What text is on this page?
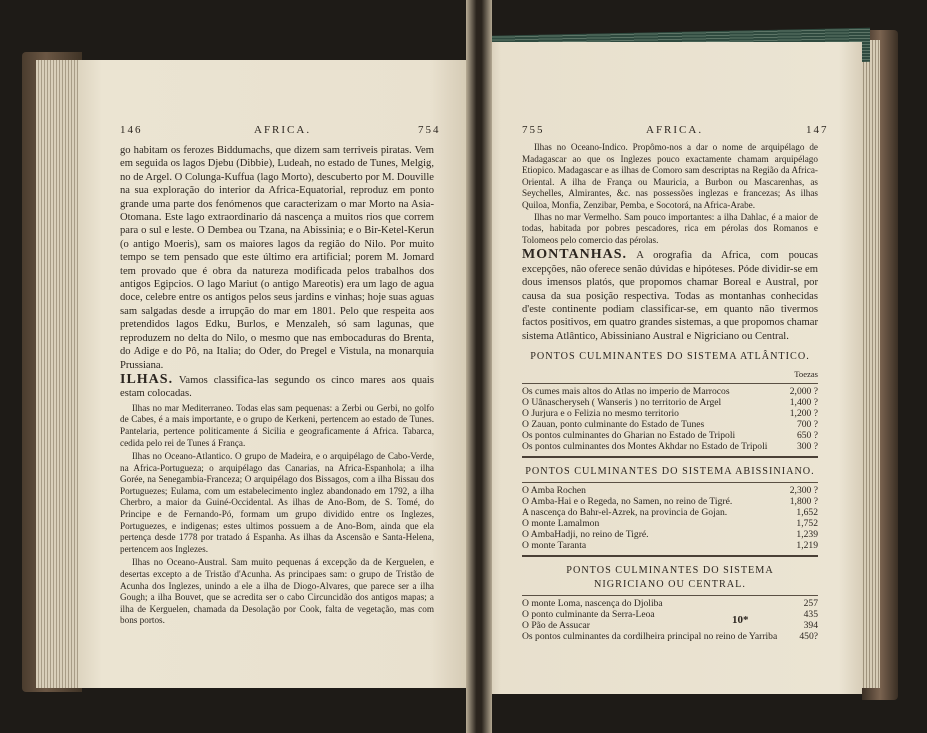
146	AFRICA.	754

go habitam os ferozes Biddumachs, que dizem sam terriveis piratas. Vem em seguida os lagos Djebu (Dibbie), Ludeah, no estado de Tunes, Melgig, no de Argel. O Colunga-Kuffua (lago Morto), descuberto por M. Douville na sua exploração do interior da Africa-Equatorial, reproduz em ponto grande uma parte dos fenómenos que caracterizam o mar Morto na Asia-Otomana. Este lago extraordinario dá nascença a muitos rios que correm para o sul e leste. O Dembea ou Tzana, na Abissinia; e o Bir-Ketel-Kerun (o antigo Moeris), sam os maiores lagos da região do Nilo. Por muito tempo se tem pensado que este último era artificial; porem M. Jomard tem provado que é obra da natureza modificada pelos trabalhos dos antigos Egipcios. O lago Mariut (o antigo Mareotis) era um lago de agua doce, celebre entre os antigos pelos seus jardins e vinhas; hoje suas aguas sam salgadas desde a irrupção do mar em 1801. Pelo que respeita aos pretendidos lagos Edku, Burlos, e Menzaleh, só sam lagunas, que reproduzem no delta do Nilo, o mesmo que nas embocaduras do Brenta, do Adige e do Pô, na Italia; do Oder, do Pregel e Vistula, na monarquia Prussiana.

ILHAS. Vamos classifica-las segundo os cinco mares aos quais estam colocadas.

Ilhas no mar Mediterraneo. Todas elas sam pequenas: a Zerbi ou Gerbi, no golfo de Cabes, é a mais importante, e o grupo de Kerkeni, pertencem ao estado de Tunes. Pantelaria, pertence politicamente á Sicilia e geograficamente á Africa. Tabarca, cedida pelo rei de Tunes á França.

Ilhas no Oceano-Atlantico. O grupo de Madeira, e o arquipélago de Cabo-Verde, na Africa-Portugueza; o arquipélago das Canarias, na Africa-Espanhola; a ilha Gorée, na Senegambia-Franceza; O arquipélago dos Bissagos, com a ilha Bissau dos Portuguezes; Eulama, com um estabelecimento inglez abandonado em 1792, a ilha Cherbro, a maior da Guiné-Occidental. As ilhas de Ano-Bom, de S. Tomé, do Principe e de Fernando-Pó, formam um grupo dividido entre os Inglezes, Portuguezes, e indigenas; estes ultimos possuem a de Ano-Bom, ainda que ela pertença desde 1778 por tratado á Espanha. As ilhas da Ascensão e Santa-Helena, pertencem aos Inglezes.

Ilhas no Oceano-Austral. Sam muito pequenas á excepção da de Kerguelen, e desertas excepto a de Tristão d'Acunha. As principaes sam: o grupo de Tristão de Acunha dos Inglezes, unindo a ele a ilha de Diogo-Alvares, que parece ser a ilha Gough; a ilha Bouvet, que se acredita ser o cabo Circuncidão dos antigos mapas; a ilha de Kerguelen, chamada da Desolação por Cook, falta de vegetação, mas com bons portos.

755	AFRICA.	147

Ilhas no Oceano-Indico. Propômo-nos a dar o nome de arquipélago de Madagascar ao que os Inglezes pouco exactamente chamam arquipélago Etiopico. Madagascar e as ilhas de Comoro sam descriptas na Região da Africa-Oriental. A ilha de França ou Mauricia, a Burbon ou Mascarenhas, as Seychelles, Almirantes, &c. nas possessões inglezas e francezas; As ilhas Quiloa, Monfia, Zenzibar, Pemba, e Socotorá, na Africa-Arabe.

Ilhas no mar Vermelho. Sam pouco importantes: a ilha Dahlac, é a maior de todas, habitada por pobres pescadores, rica em pérolas dos Romanos e Tolomeos pelo comercio das pérolas.

MONTANHAS. A orografia da Africa, com poucas excepções, não oferece senão dúvidas e hipóteses. Póde dividir-se em dous imensos platós, que propomos chamar Boreal e Austral, por causa da sua posição respectiva. Todas as montanhas conhecidas d'este continente podiam classificar-se, em quanto não tivermos factos positivos, em quatro grandes sistemas, a que propomos chamar sistema Atlântico, Abissiniano Austral e Nigriciano ou Central.

PONTOS CULMINANTES DO SISTEMA ATLÂNTICO.
Toezas
Os cumes mais altos do Atlas no imperio de Marrocos	2,000 ?
O Uânascheryseh ( Wanseris ) no territorio de Argel	1,400 ?
O Jurjura e o Felizia no mesmo territorio	1,200 ?
O Zauan, ponto culminante do Estado de Tunes	700 ?
Os pontos culminantes do Gharian no Estado de Tripoli	650 ?
Os pontos culminantes dos Montes Akhdar no Estado de Tripoli	300 ?
PONTOS CULMINANTES DO SISTEMA ABISSINIANO.
O Amba Rochen	2,300 ?
O Amba-Hai e o Regeda, no Samen, no reino de Tigré.	1,800 ?
A nascença do Bahr-el-Azrek, na provincia de Gojan.	1,652
O monte Lamalmon	1,752
O AmbaHadji, no reino de Tigré.	1,239
O monte Taranta	1,219
PONTOS CULMINANTES DO SISTEMA
NIGRICIANO OU CENTRAL.
O monte Loma, nascença do Djoliba	257
O ponto culminante da Serra-Leoa	435
O Pão de Assucar	394
Os pontos culminantes da cordilheira principal no reino de Yarriba	450?
10*
